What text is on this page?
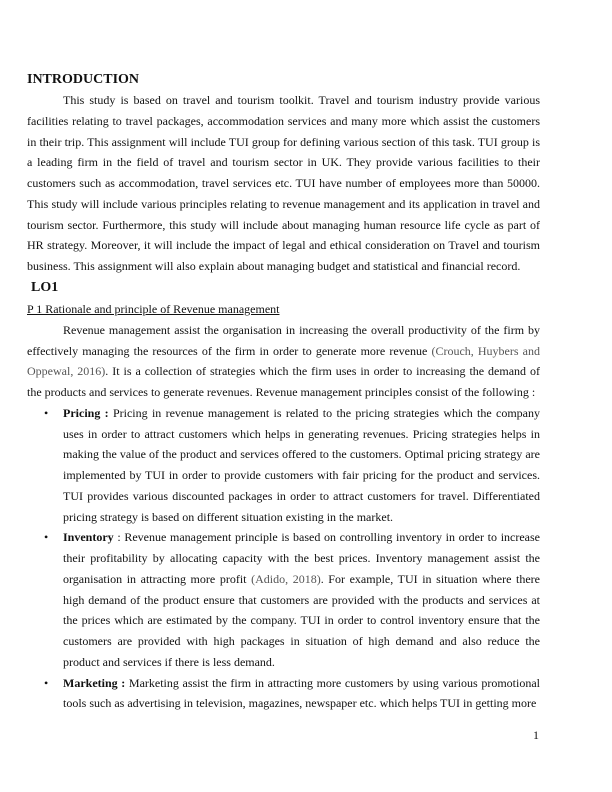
INTRODUCTION

This study is based on travel and tourism toolkit. Travel and tourism industry provide various facilities relating to travel packages, accommodation services and many more which assist the customers in their trip. This assignment will include TUI group for defining various section of this task. TUI group is a leading firm in the field of travel and tourism sector in UK. They provide various facilities to their customers such as accommodation, travel services etc. TUI have number of employees more than 50000. This study will include various principles relating to revenue management and its application in travel and tourism sector. Furthermore, this study will include about managing human resource life cycle as part of HR strategy. Moreover, it will include the impact of legal and ethical consideration on Travel and tourism business. This assignment will also explain about managing budget and statistical and financial record.

LO1

P 1 Rationale and principle of Revenue management

Revenue management assist the organisation in increasing the overall productivity of the firm by effectively managing the resources of the firm in order to generate more revenue (Crouch, Huybers and Oppewal, 2016). It is a collection of strategies which the firm uses in order to increasing the demand of the products and services to generate revenues. Revenue management principles consist of the following :

• Pricing : Pricing in revenue management is related to the pricing strategies which the company uses in order to attract customers which helps in generating revenues. Pricing strategies helps in making the value of the product and services offered to the customers. Optimal pricing strategy are implemented by TUI in order to provide customers with fair pricing for the product and services. TUI provides various discounted packages in order to attract customers for travel. Differentiated pricing strategy is based on different situation existing in the market.
• Inventory : Revenue management principle is based on controlling inventory in order to increase their profitability by allocating capacity with the best prices. Inventory management assist the organisation in attracting more profit (Adido, 2018). For example, TUI in situation where there high demand of the product ensure that customers are provided with the products and services at the prices which are estimated by the company. TUI in order to control inventory ensure that the customers are provided with high packages in situation of high demand and also reduce the product and services if there is less demand.
• Marketing : Marketing assist the firm in attracting more customers by using various promotional tools such as advertising in television, magazines, newspaper etc. which helps TUI in getting more
1
